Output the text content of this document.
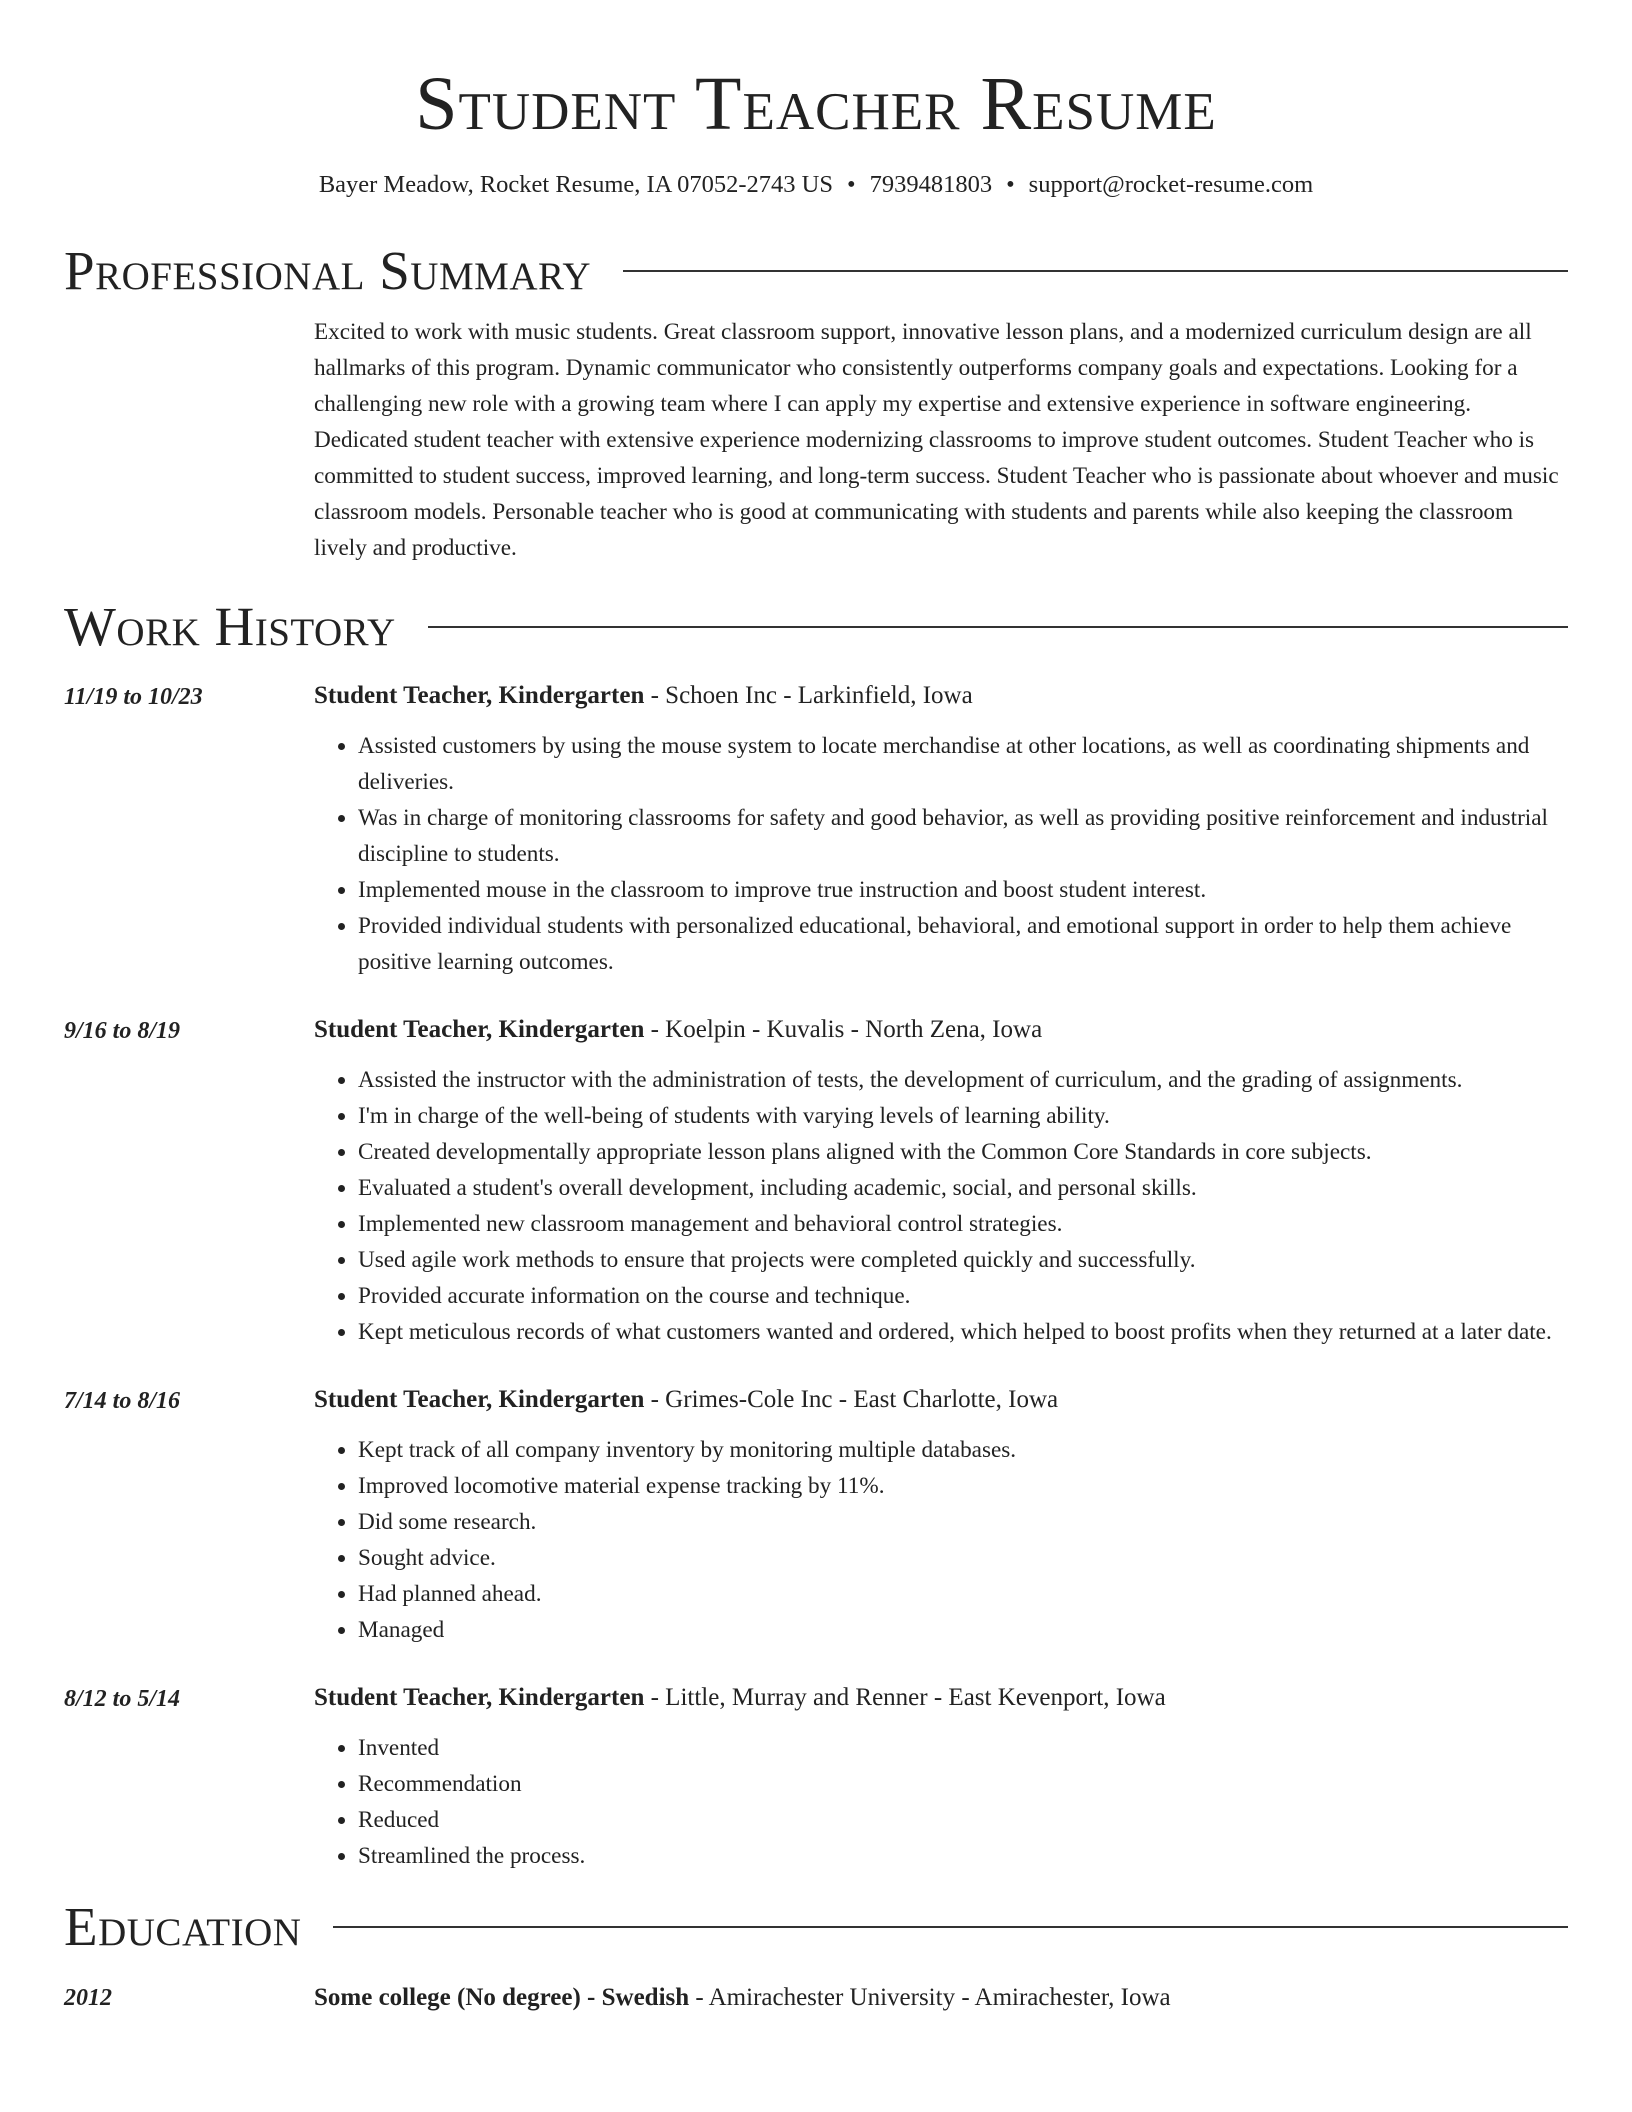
Student Teacher Resume
Bayer Meadow, Rocket Resume, IA 07052-2743 US • 7939481803 • support@rocket-resume.com
Professional Summary
Excited to work with music students. Great classroom support, innovative lesson plans, and a modernized curriculum design are all hallmarks of this program. Dynamic communicator who consistently outperforms company goals and expectations. Looking for a challenging new role with a growing team where I can apply my expertise and extensive experience in software engineering. Dedicated student teacher with extensive experience modernizing classrooms to improve student outcomes. Student Teacher who is committed to student success, improved learning, and long-term success. Student Teacher who is passionate about whoever and music classroom models. Personable teacher who is good at communicating with students and parents while also keeping the classroom lively and productive.
Work History
11/19 to 10/23	Student Teacher, Kindergarten - Schoen Inc - Larkinfield, Iowa
• Assisted customers by using the mouse system to locate merchandise at other locations, as well as coordinating shipments and deliveries.
• Was in charge of monitoring classrooms for safety and good behavior, as well as providing positive reinforcement and industrial discipline to students.
• Implemented mouse in the classroom to improve true instruction and boost student interest.
• Provided individual students with personalized educational, behavioral, and emotional support in order to help them achieve positive learning outcomes.
9/16 to 8/19	Student Teacher, Kindergarten - Koelpin - Kuvalis - North Zena, Iowa
• Assisted the instructor with the administration of tests, the development of curriculum, and the grading of assignments.
• I'm in charge of the well-being of students with varying levels of learning ability.
• Created developmentally appropriate lesson plans aligned with the Common Core Standards in core subjects.
• Evaluated a student's overall development, including academic, social, and personal skills.
• Implemented new classroom management and behavioral control strategies.
• Used agile work methods to ensure that projects were completed quickly and successfully.
• Provided accurate information on the course and technique.
• Kept meticulous records of what customers wanted and ordered, which helped to boost profits when they returned at a later date.
7/14 to 8/16	Student Teacher, Kindergarten - Grimes-Cole Inc - East Charlotte, Iowa
• Kept track of all company inventory by monitoring multiple databases.
• Improved locomotive material expense tracking by 11%.
• Did some research.
• Sought advice.
• Had planned ahead.
• Managed
8/12 to 5/14	Student Teacher, Kindergarten - Little, Murray and Renner - East Kevenport, Iowa
• Invented
• Recommendation
• Reduced
• Streamlined the process.
Education
2012	Some college (No degree) - Swedish - Amirachester University - Amirachester, Iowa
